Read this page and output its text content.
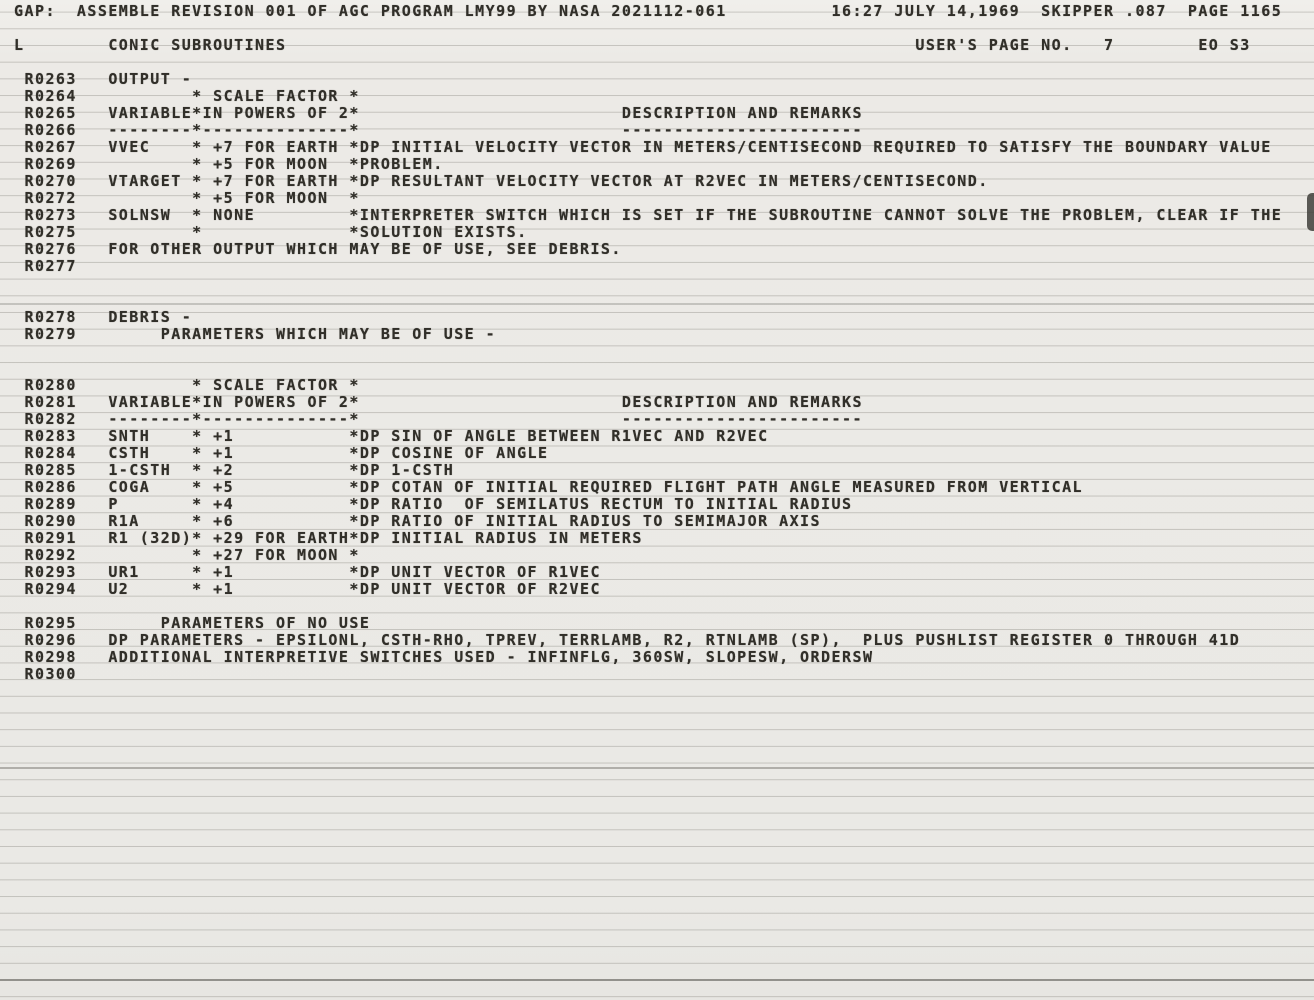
GAP:  ASSEMBLE REVISION 001 OF AGC PROGRAM LMY99 BY NASA 2021112-061          16:27 JULY 14,1969  SKIPPER .087  PAGE 1165

L        CONIC SUBROUTINES                                                            USER'S PAGE NO.   7        EO S3

R0263   OUTPUT -
R0264           * SCALE FACTOR *
R0265   VARIABLE*IN POWERS OF 2*                         DESCRIPTION AND REMARKS
R0266   --------*--------------*                         -----------------------
R0267   VVEC    * +7 FOR EARTH *DP INITIAL VELOCITY VECTOR IN METERS/CENTISECOND REQUIRED TO SATISFY THE BOUNDARY VALUE
R0269           * +5 FOR MOON  *PROBLEM.
R0270   VTARGET * +7 FOR EARTH *DP RESULTANT VELOCITY VECTOR AT R2VEC IN METERS/CENTISECOND.
R0272           * +5 FOR MOON  *
R0273   SOLNSW  * NONE         *INTERPRETER SWITCH WHICH IS SET IF THE SUBROUTINE CANNOT SOLVE THE PROBLEM, CLEAR IF THE
R0275           *              *SOLUTION EXISTS.
R0276   FOR OTHER OUTPUT WHICH MAY BE OF USE, SEE DEBRIS.
R0277

R0278   DEBRIS -
R0279        PARAMETERS WHICH MAY BE OF USE -

R0280           * SCALE FACTOR *
R0281   VARIABLE*IN POWERS OF 2*                         DESCRIPTION AND REMARKS
R0282   --------*--------------*                         -----------------------
R0283   SNTH    * +1           *DP SIN OF ANGLE BETWEEN R1VEC AND R2VEC
R0284   CSTH    * +1           *DP COSINE OF ANGLE
R0285   1-CSTH  * +2           *DP 1-CSTH
R0286   COGA    * +5           *DP COTAN OF INITIAL REQUIRED FLIGHT PATH ANGLE MEASURED FROM VERTICAL
R0289   P       * +4           *DP RATIO  OF SEMILATUS RECTUM TO INITIAL RADIUS
R0290   R1A     * +6           *DP RATIO OF INITIAL RADIUS TO SEMIMAJOR AXIS
R0291   R1 (32D)* +29 FOR EARTH*DP INITIAL RADIUS IN METERS
R0292           * +27 FOR MOON *
R0293   UR1     * +1           *DP UNIT VECTOR OF R1VEC
R0294   U2      * +1           *DP UNIT VECTOR OF R2VEC

R0295        PARAMETERS OF NO USE
R0296   DP PARAMETERS - EPSILONL, CSTH-RHO, TPREV, TERRLAMB, R2, RTNLAMB (SP),  PLUS PUSHLIST REGISTER 0 THROUGH 41D
R0298   ADDITIONAL INTERPRETIVE SWITCHES USED - INFINFLG, 360SW, SLOPESW, ORDERSW
R0300
